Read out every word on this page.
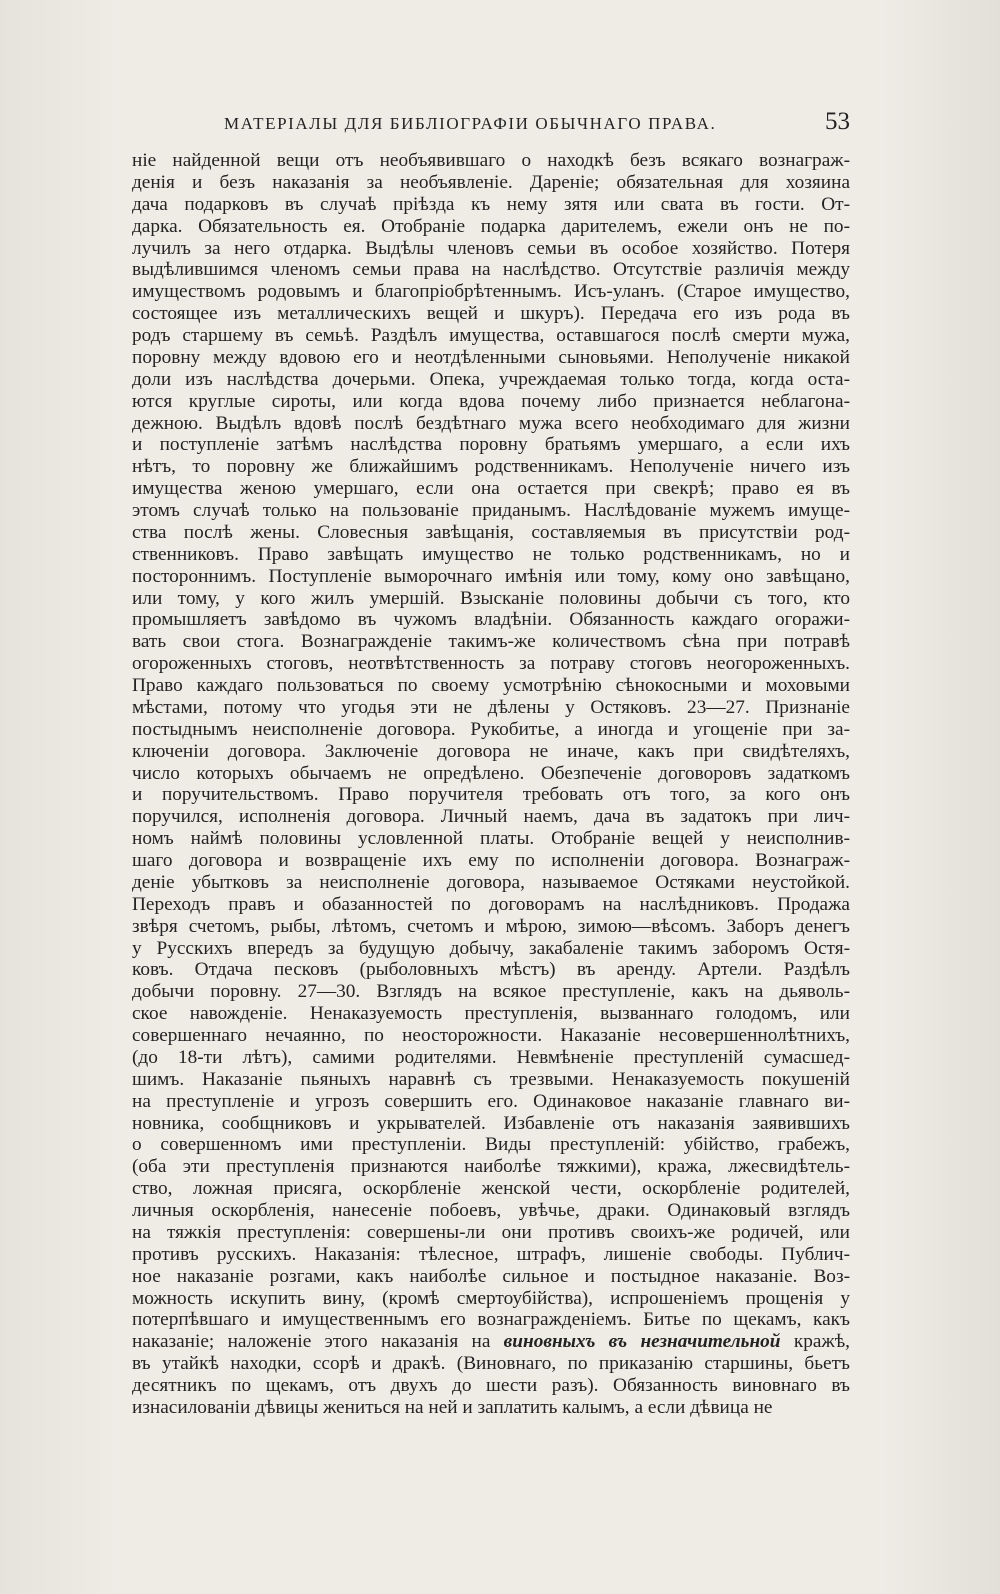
МАТЕРІАЛЫ ДЛЯ БИБЛІОГРАФІИ ОБЫЧНАГО ПРАВА.	53
ніе найденной вещи отъ необъявившаго о находкѣ безъ всякаго вознаграж-
денія и безъ наказанія за необъявленіе. Дареніе; обязательная для хозяина
дача подарковъ въ случаѣ пріѣзда къ нему зятя или свата въ гости. От-
дарка. Обязательность ея. Отобраніе подарка дарителемъ, ежели онъ не по-
лучилъ за него отдарка. Выдѣлы членовъ семьи въ особое хозяйство. Потеря
выдѣлившимся членомъ семьи права на наслѣдство. Отсутствіе различія между
имуществомъ родовымъ и благопріобрѣтеннымъ. Исъ-уланъ. (Старое имущество,
состоящее изъ металлическихъ вещей и шкуръ). Передача его изъ рода въ
родъ старшему въ семьѣ. Раздѣлъ имущества, оставшагося послѣ смерти мужа,
поровну между вдовою его и неотдѣленными сыновьями. Неполученіе никакой
доли изъ наслѣдства дочерьми. Опека, учреждаемая только тогда, когда оста-
ются круглые сироты, или когда вдова почему либо признается неблагона-
дежною. Выдѣлъ вдовѣ послѣ бездѣтнаго мужа всего необходимаго для жизни
и поступленіе затѣмъ наслѣдства поровну братьямъ умершаго, а если ихъ
нѣтъ, то поровну же ближайшимъ родственникамъ. Неполученіе ничего изъ
имущества женою умершаго, если она остается при свекрѣ; право ея въ
этомъ случаѣ только на пользованіе приданымъ. Наслѣдованіе мужемъ имуще-
ства послѣ жены. Словесныя завѣщанія, составляемыя въ присутствіи род-
ственниковъ. Право завѣщать имущество не только родственникамъ, но и
постороннимъ. Поступленіе выморочнаго имѣнія или тому, кому оно завѣщано,
или тому, у кого жилъ умершій. Взысканіе половины добычи съ того, кто
промышляетъ завѣдомо въ чужомъ владѣніи. Обязанность каждаго огоражи-
вать свои стога. Вознагражденіе такимъ-же количествомъ сѣна при потравѣ
огороженныхъ стоговъ, неотвѣтственность за потраву стоговъ неогороженныхъ.
Право каждаго пользоваться по своему усмотрѣнію сѣнокосными и моховыми
мѣстами, потому что угодья эти не дѣлены у Остяковъ. 23—27. Признаніе
постыднымъ неисполненіе договора. Рукобитье, а иногда и угощеніе при за-
ключеніи договора. Заключеніе договора не иначе, какъ при свидѣтеляхъ,
число которыхъ обычаемъ не опредѣлено. Обезпеченіе договоровъ задаткомъ
и поручительствомъ. Право поручителя требовать отъ того, за кого онъ
поручился, исполненія договора. Личный наемъ, дача въ задатокъ при лич-
номъ наймѣ половины условленной платы. Отобраніе вещей у неисполнив-
шаго договора и возвращеніе ихъ ему по исполненіи договора. Вознаграж-
деніе убытковъ за неисполненіе договора, называемое Остяками неустойкой.
Переходъ правъ и обазанностей по договорамъ на наслѣдниковъ. Продажа
звѣря счетомъ, рыбы, лѣтомъ, счетомъ и мѣрою, зимою—вѣсомъ. Заборъ денегъ
у Русскихъ впередъ за будущую добычу, закабаленіе такимъ заборомъ Остя-
ковъ. Отдача песковъ (рыболовныхъ мѣстъ) въ аренду. Артели. Раздѣлъ
добычи поровну. 27—30. Взглядъ на всякое преступленіе, какъ на дьяволь-
ское навожденіе. Ненаказуемость преступленія, вызваннаго голодомъ, или
совершеннаго нечаянно, по неосторожности. Наказаніе несовершеннолѣтнихъ,
(до 18-ти лѣтъ), самими родителями. Невмѣненіе преступленій сумасшед-
шимъ. Наказаніе пьяныхъ наравнѣ съ трезвыми. Ненаказуемость покушеній
на преступленіе и угрозъ совершить его. Одинаковое наказаніе главнаго ви-
новника, сообщниковъ и укрывателей. Избавленіе отъ наказанія заявившихъ
о совершенномъ ими преступленіи. Виды преступленій: убійство, грабежъ,
(оба эти преступленія признаются наиболѣе тяжкими), кража, лжесвидѣтель-
ство, ложная присяга, оскорбленіе женской чести, оскорбленіе родителей,
личныя оскорбленія, нанесеніе побоевъ, увѣчье, драки. Одинаковый взглядъ
на тяжкія преступленія: совершены-ли они противъ своихъ-же родичей, или
противъ русскихъ. Наказанія: тѣлесное, штрафъ, лишеніе свободы. Публич-
ное наказаніе розгами, какъ наиболѣе сильное и постыдное наказаніе. Воз-
можность искупить вину, (кромѣ смертоубійства), испрошеніемъ прощенія у
потерпѣвшаго и имущественнымъ его вознагражденіемъ. Битье по щекамъ, какъ
наказаніе; наложеніе этого наказанія на виновныхъ въ незначительной кражѣ,
въ утайкѣ находки, ссорѣ и дракѣ. (Виновнаго, по приказанію старшины, бьетъ
десятникъ по щекамъ, отъ двухъ до шести разъ). Обязанность виновнаго въ
изнасилованіи дѣвицы жениться на ней и заплатить калымъ, а если дѣвица не
